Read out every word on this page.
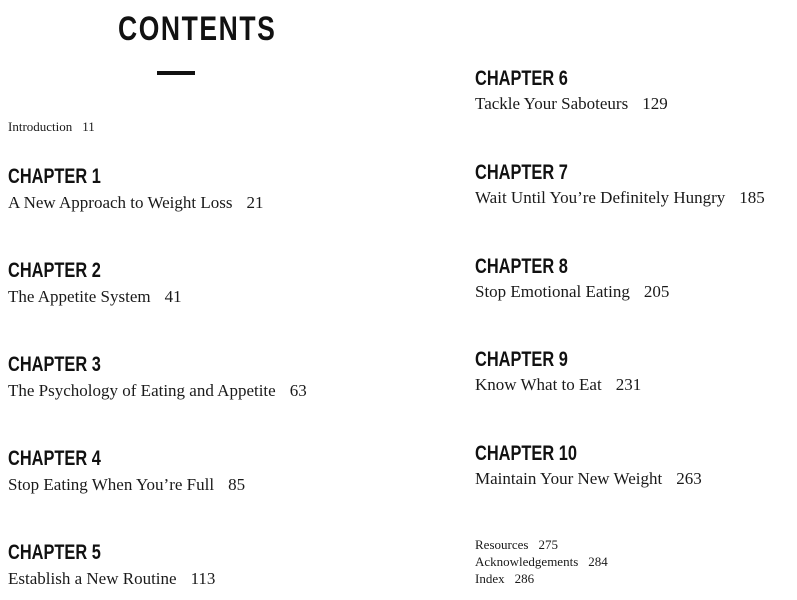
CONTENTS
Introduction 11
CHAPTER 1
A New Approach to Weight Loss 21
CHAPTER 2
The Appetite System 41
CHAPTER 3
The Psychology of Eating and Appetite 63
CHAPTER 4
Stop Eating When You’re Full 85
CHAPTER 5
Establish a New Routine 113
CHAPTER 6
Tackle Your Saboteurs 129
CHAPTER 7
Wait Until You’re Definitely Hungry 185
CHAPTER 8
Stop Emotional Eating 205
CHAPTER 9
Know What to Eat 231
CHAPTER 10
Maintain Your New Weight 263
Resources 275
Acknowledgements 284
Index 286
